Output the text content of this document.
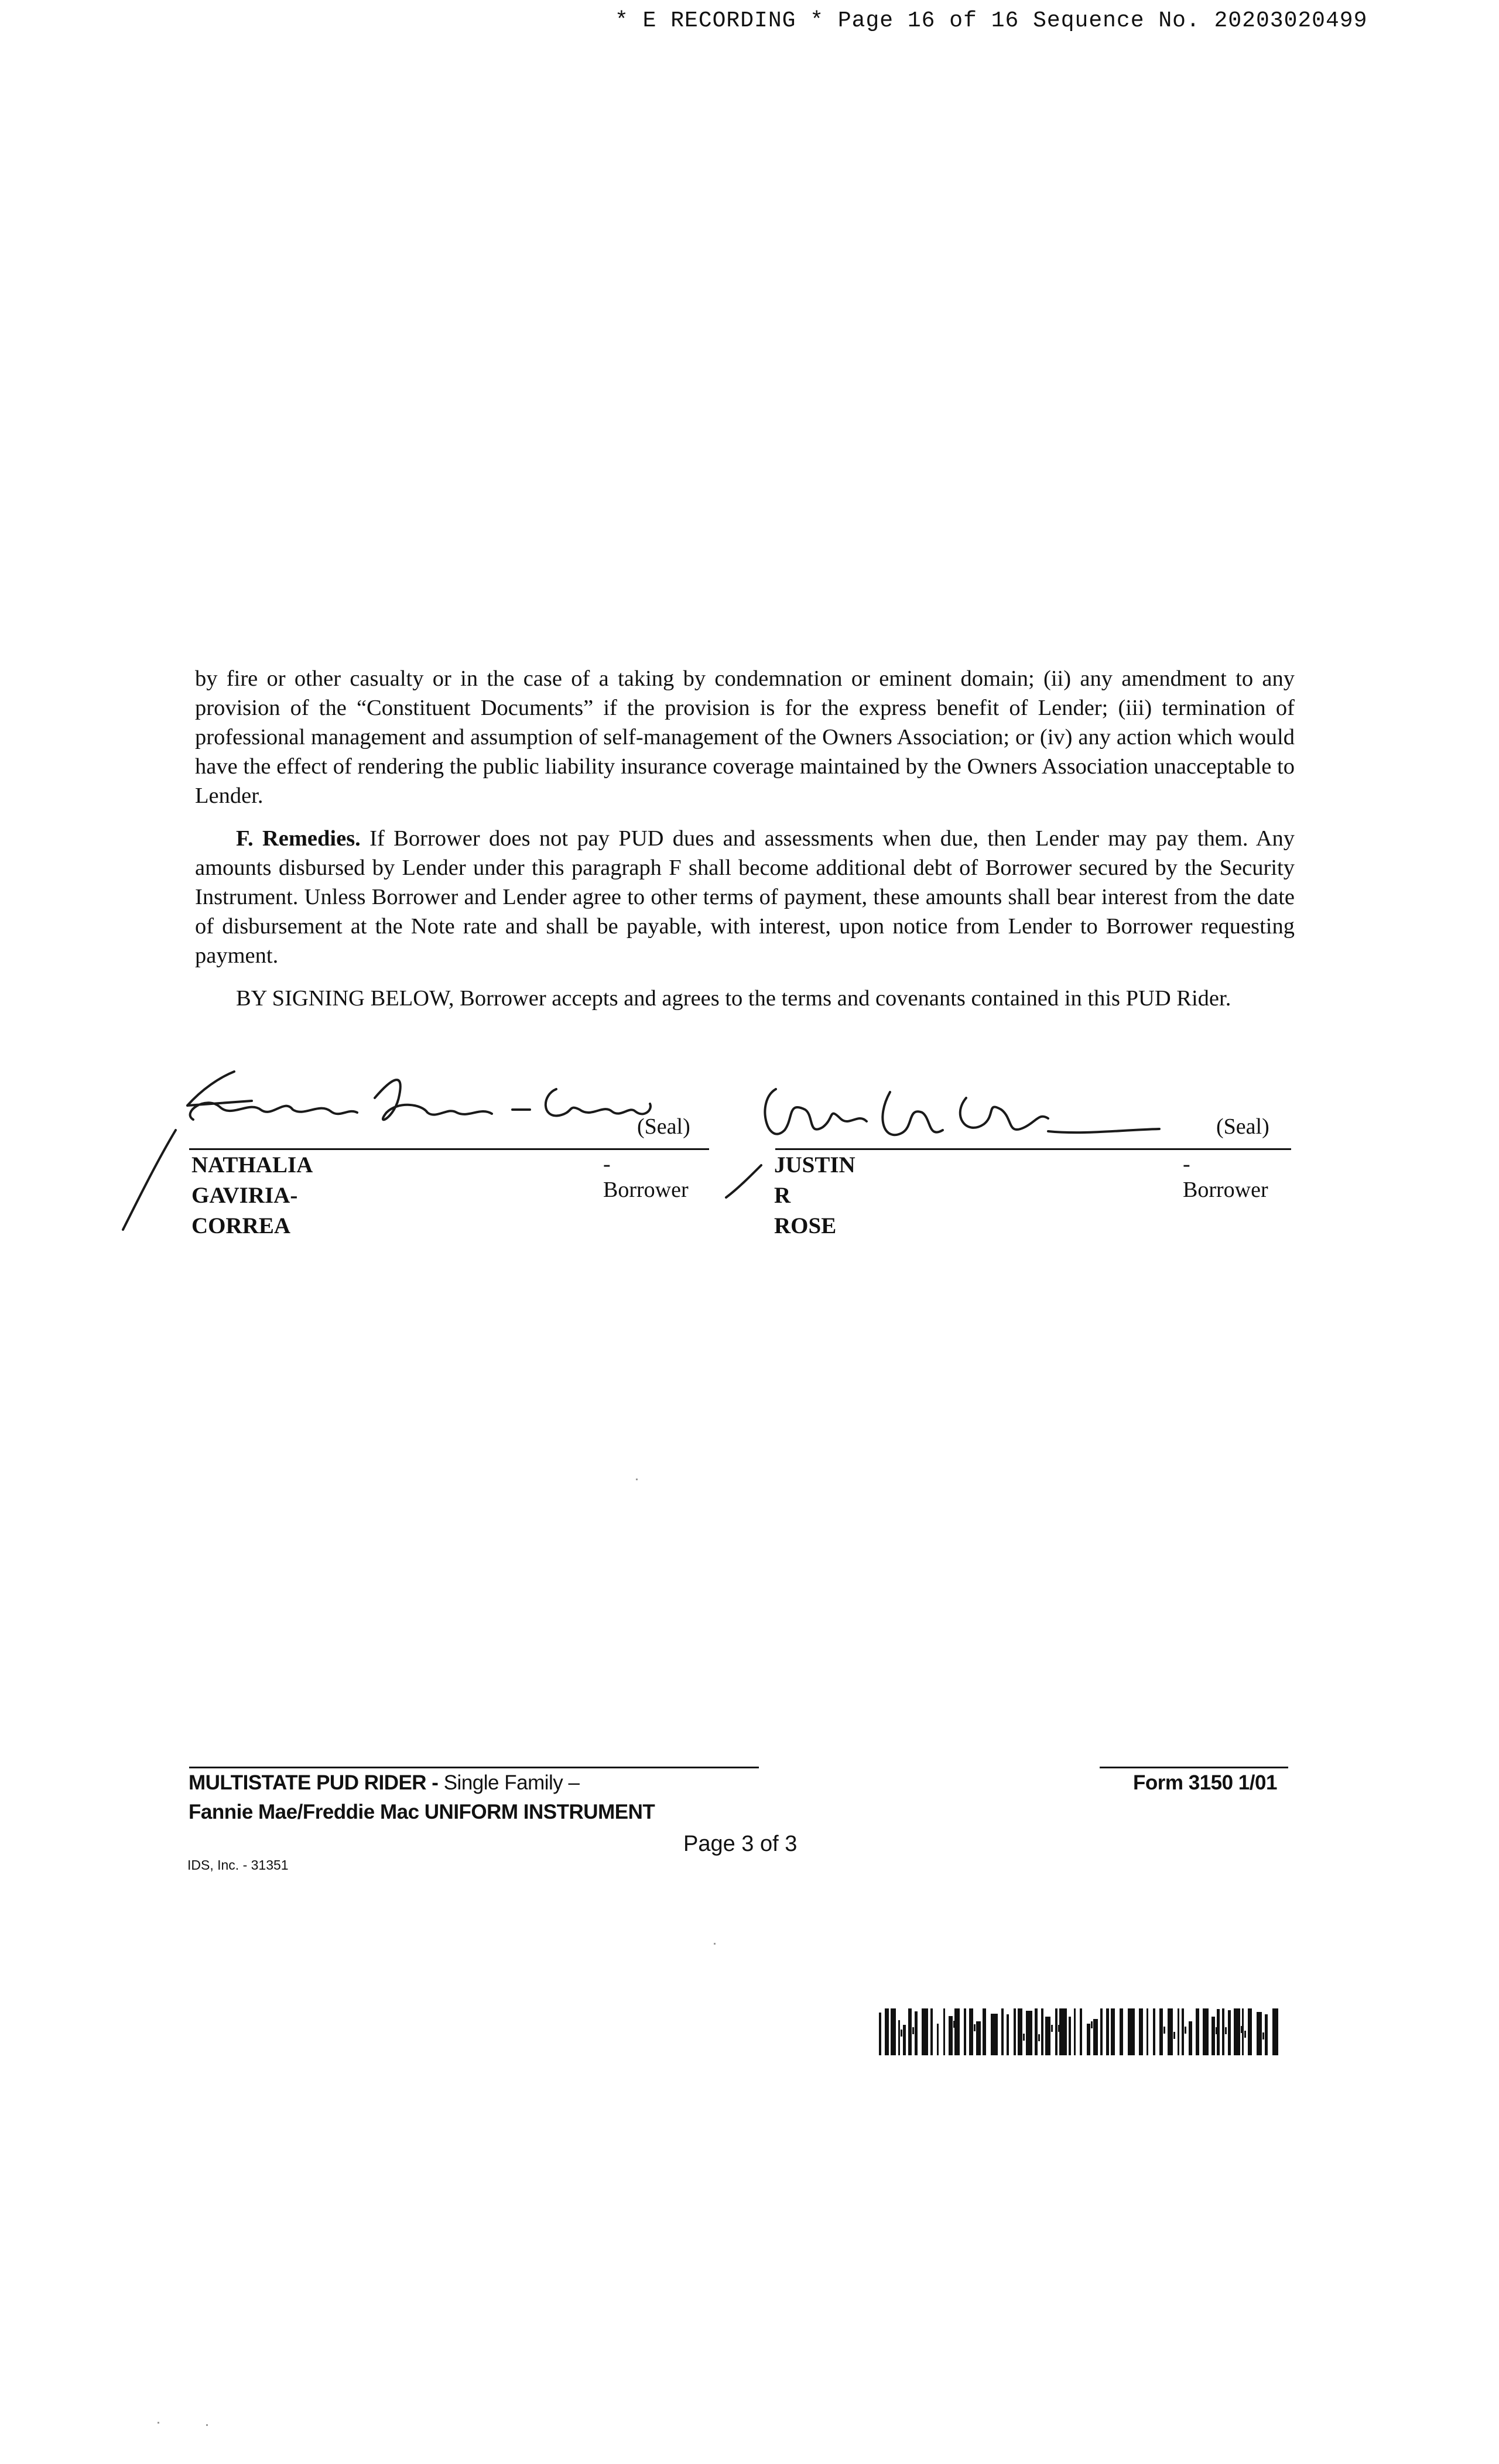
* E RECORDING * Page 16 of 16 Sequence No. 20203020499

by fire or other casualty or in the case of a taking by condemnation or eminent domain; (ii) any amendment to any provision of the “Constituent Documents” if the provision is for the express benefit of Lender; (iii) termination of professional management and assumption of self-management of the Owners Association; or (iv) any action which would have the effect of rendering the public liability insurance coverage maintained by the Owners Association unacceptable to Lender.

F. Remedies. If Borrower does not pay PUD dues and assessments when due, then Lender may pay them. Any amounts disbursed by Lender under this paragraph F shall become additional debt of Borrower secured by the Security Instrument. Unless Borrower and Lender agree to other terms of payment, these amounts shall bear interest from the date of disbursement at the Note rate and shall be payable, with interest, upon notice from Lender to Borrower requesting payment.

BY SIGNING BELOW, Borrower accepts and agrees to the terms and covenants contained in this PUD Rider.

(Seal)
NATHALIA GAVIRIA-
CORREA
-Borrower
(Seal)
JUSTIN R ROSE
-Borrower
MULTISTATE PUD RIDER - Single Family –
Fannie Mae/Freddie Mac UNIFORM INSTRUMENT
Form 3150 1/01
Page 3 of 3
IDS, Inc. - 31351
